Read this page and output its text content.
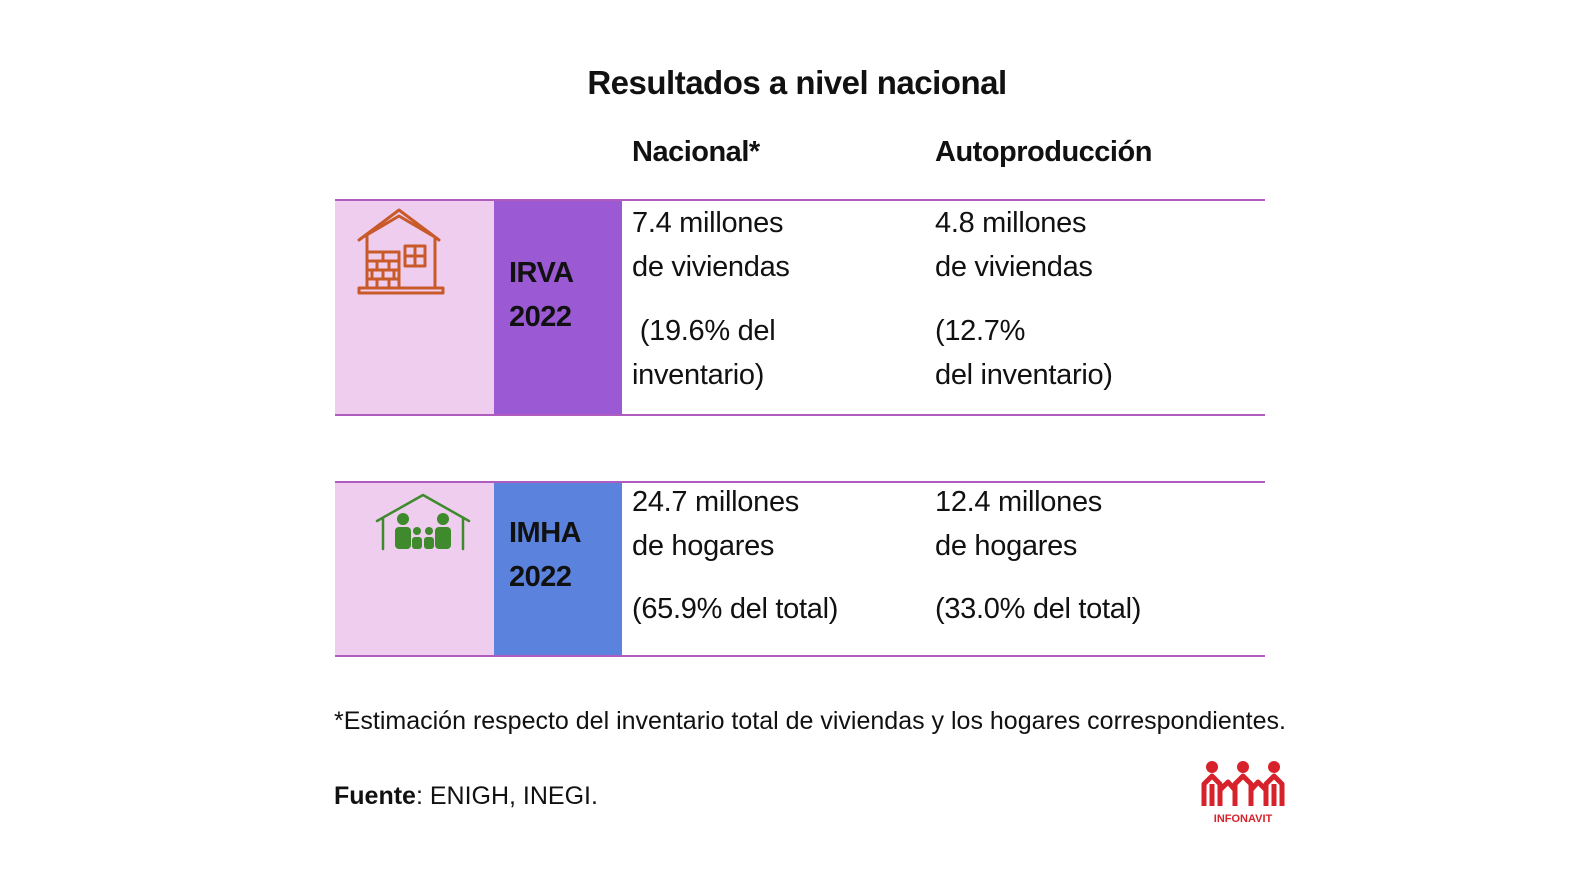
Resultados a nivel nacional
Nacional*	Autoproducción
IRVA
2022
7.4 millones
de viviendas
(19.6% del
inventario)
4.8 millones
de viviendas
(12.7%
del inventario)
IMHA
2022
24.7 millones
de hogares
(65.9% del total)
12.4 millones
de hogares
(33.0% del total)
*Estimación respecto del inventario total de viviendas y los hogares correspondientes.
Fuente: ENIGH, INEGI.
INFONAVIT
